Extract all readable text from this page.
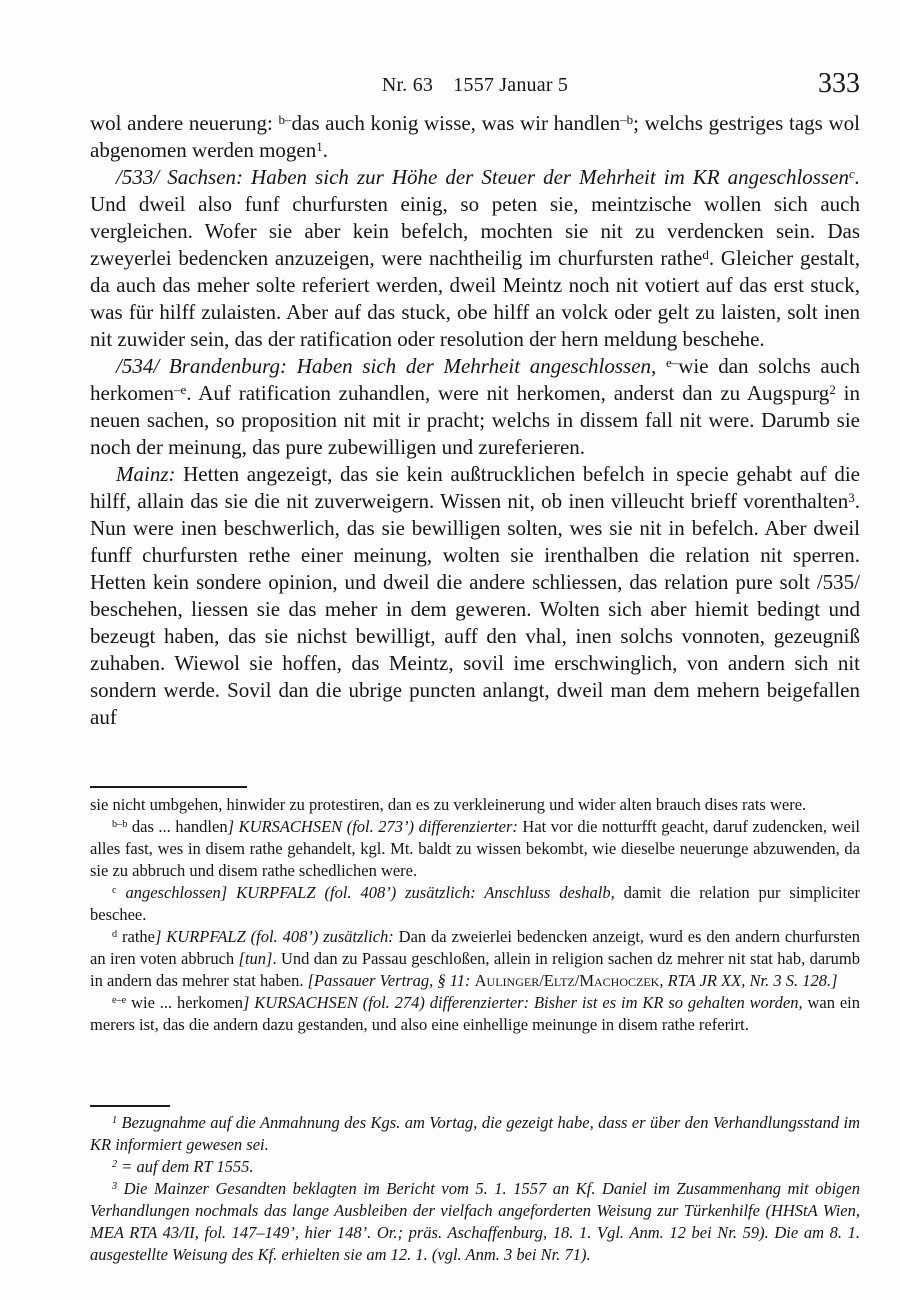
Nr. 63 1557 Januar 5	333

wol andere neuerung: $^{b-}$das auch konig wisse, was wir handlen$^{-b}$; welchs gestriges tags wol abgenomen werden mogen$^1$.

/533/ Sachsen: Haben sich zur Höhe der Steuer der Mehrheit im KR angeschlossen$^c$. Und dweil also funf churfursten einig, so peten sie, meintzische wollen sich auch vergleichen. Wofer sie aber kein befelch, mochten sie nit zu verdencken sein. Das zweyerlei bedencken anzuzeigen, were nachtheilig im churfursten rathe$^d$. Gleicher gestalt, da auch das meher solte referiert werden, dweil Meintz noch nit votiert auf das erst stuck, was für hilff zulaisten. Aber auf das stuck, obe hilff an volck oder gelt zu laisten, solt inen nit zuwider sein, das der ratification oder resolution der hern meldung beschehe.

/534/ Brandenburg: Haben sich der Mehrheit angeschlossen, $^{e-}$wie dan solchs auch herkomen$^{-e}$. Auf ratification zuhandlen, were nit herkomen, anderst dan zu Augspurg$^2$ in neuen sachen, so proposition nit mit ir pracht; welchs in dissem fall nit were. Darumb sie noch der meinung, das pure zubewilligen und zureferieren.

Mainz: Hetten angezeigt, das sie kein außtrucklichen befelch in specie gehabt auf die hilff, allain das sie die nit zuverweigern. Wissen nit, ob inen villeucht brieff vorenthalten$^3$. Nun were inen beschwerlich, das sie bewilligen solten, wes sie nit in befelch. Aber dweil funff churfursten rethe einer meinung, wolten sie irenthalben die relation nit sperren. Hetten kein sondere opinion, und dweil die andere schliessen, das relation pure solt /535/ beschehen, liessen sie das meher in dem geweren. Wolten sich aber hiemit bedingt und bezeugt haben, das sie nichst bewilligt, auff den vhal, inen solchs vonnoten, gezeugniß zuhaben. Wiewol sie hoffen, das Meintz, sovil ime erschwinglich, von andern sich nit sondern werde. Sovil dan die ubrige puncten anlangt, dweil man dem mehern beigefallen auf

sie nicht umbgehen, hinwider zu protestiren, dan es zu verkleinerung und wider alten brauch dises rats were.

$^{b-b}$ das ... handlen] KURSACHSEN (fol. 273’) differenzierter: Hat vor die notturfft geacht, daruf zudencken, weil alles fast, wes in disem rathe gehandelt, kgl. Mt. baldt zu wissen bekombt, wie dieselbe neuerunge abzuwenden, da sie zu abbruch und disem rathe schedlichen were.

$^c$ angeschlossen] KURPFALZ (fol. 408’) zusätzlich: Anschluss deshalb, damit die relation pur simpliciter beschee.

$^d$ rathe] KURPFALZ (fol. 408’) zusätzlich: Dan da zweierlei bedencken anzeigt, wurd es den andern churfursten an iren voten abbruch [tun]. Und dan zu Passau geschloßen, allein in religion sachen dz mehrer nit stat hab, darumb in andern das mehrer stat haben. [Passauer Vertrag, § 11: Aulinger/Eltz/Machoczek, RTA JR XX, Nr. 3 S. 128.]

$^{e-e}$ wie ... herkomen] KURSACHSEN (fol. 274) differenzierter: Bisher ist es im KR so gehalten worden, wan ein merers ist, das die andern dazu gestanden, und also eine einhellige meinunge in disem rathe referirt.

$^1$ Bezugnahme auf die Anmahnung des Kgs. am Vortag, die gezeigt habe, dass er über den Verhandlungsstand im KR informiert gewesen sei.

$^2$ = auf dem RT 1555.

$^3$ Die Mainzer Gesandten beklagten im Bericht vom 5. 1. 1557 an Kf. Daniel im Zusammenhang mit obigen Verhandlungen nochmals das lange Ausbleiben der vielfach angeforderten Weisung zur Türkenhilfe (HHStA Wien, MEA RTA 43/II, fol. 147–149’, hier 148’. Or.; präs. Aschaffenburg, 18. 1. Vgl. Anm. 12 bei Nr. 59). Die am 8. 1. ausgestellte Weisung des Kf. erhielten sie am 12. 1. (vgl. Anm. 3 bei Nr. 71).
